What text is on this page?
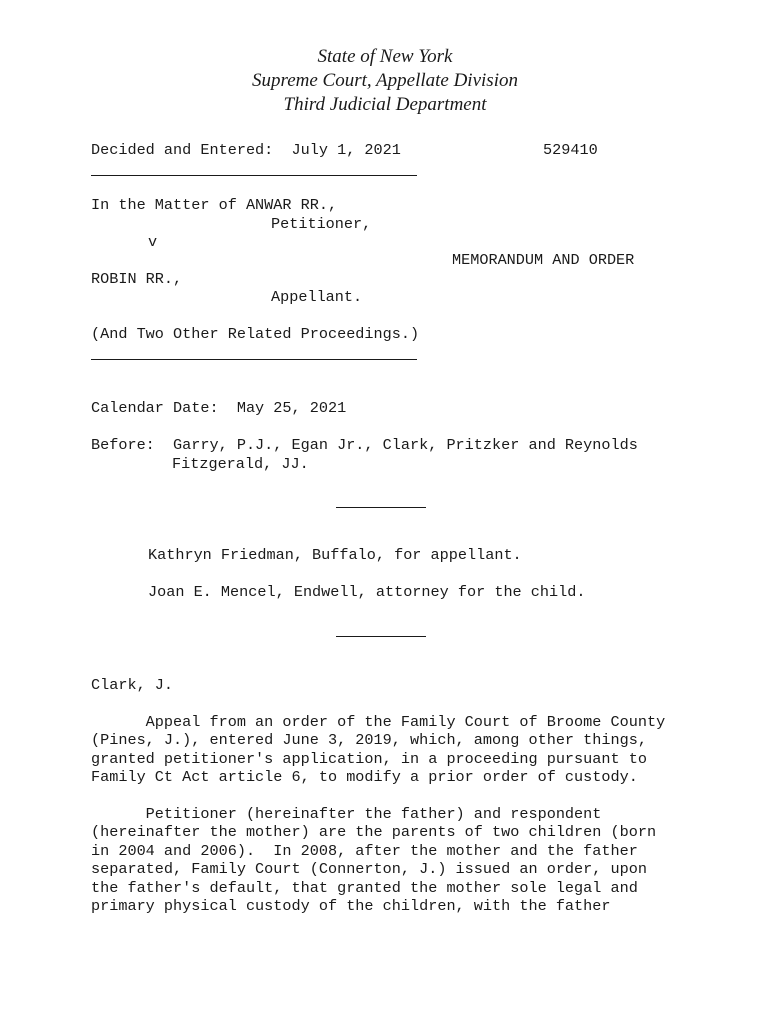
State of New York
Supreme Court, Appellate Division
Third Judicial Department
Decided and Entered:  July 1, 2021	529410
In the Matter of ANWAR RR.,
Petitioner,
v
MEMORANDUM AND ORDER
ROBIN RR.,
Appellant.
(And Two Other Related Proceedings.)
Calendar Date:  May 25, 2021
Before:  Garry, P.J., Egan Jr., Clark, Pritzker and Reynolds
Fitzgerald, JJ.
Kathryn Friedman, Buffalo, for appellant.
Joan E. Mencel, Endwell, attorney for the child.
Clark, J.
Appeal from an order of the Family Court of Broome County
(Pines, J.), entered June 3, 2019, which, among other things,
granted petitioner's application, in a proceeding pursuant to
Family Ct Act article 6, to modify a prior order of custody.
Petitioner (hereinafter the father) and respondent
(hereinafter the mother) are the parents of two children (born
in 2004 and 2006).  In 2008, after the mother and the father
separated, Family Court (Connerton, J.) issued an order, upon
the father's default, that granted the mother sole legal and
primary physical custody of the children, with the father
